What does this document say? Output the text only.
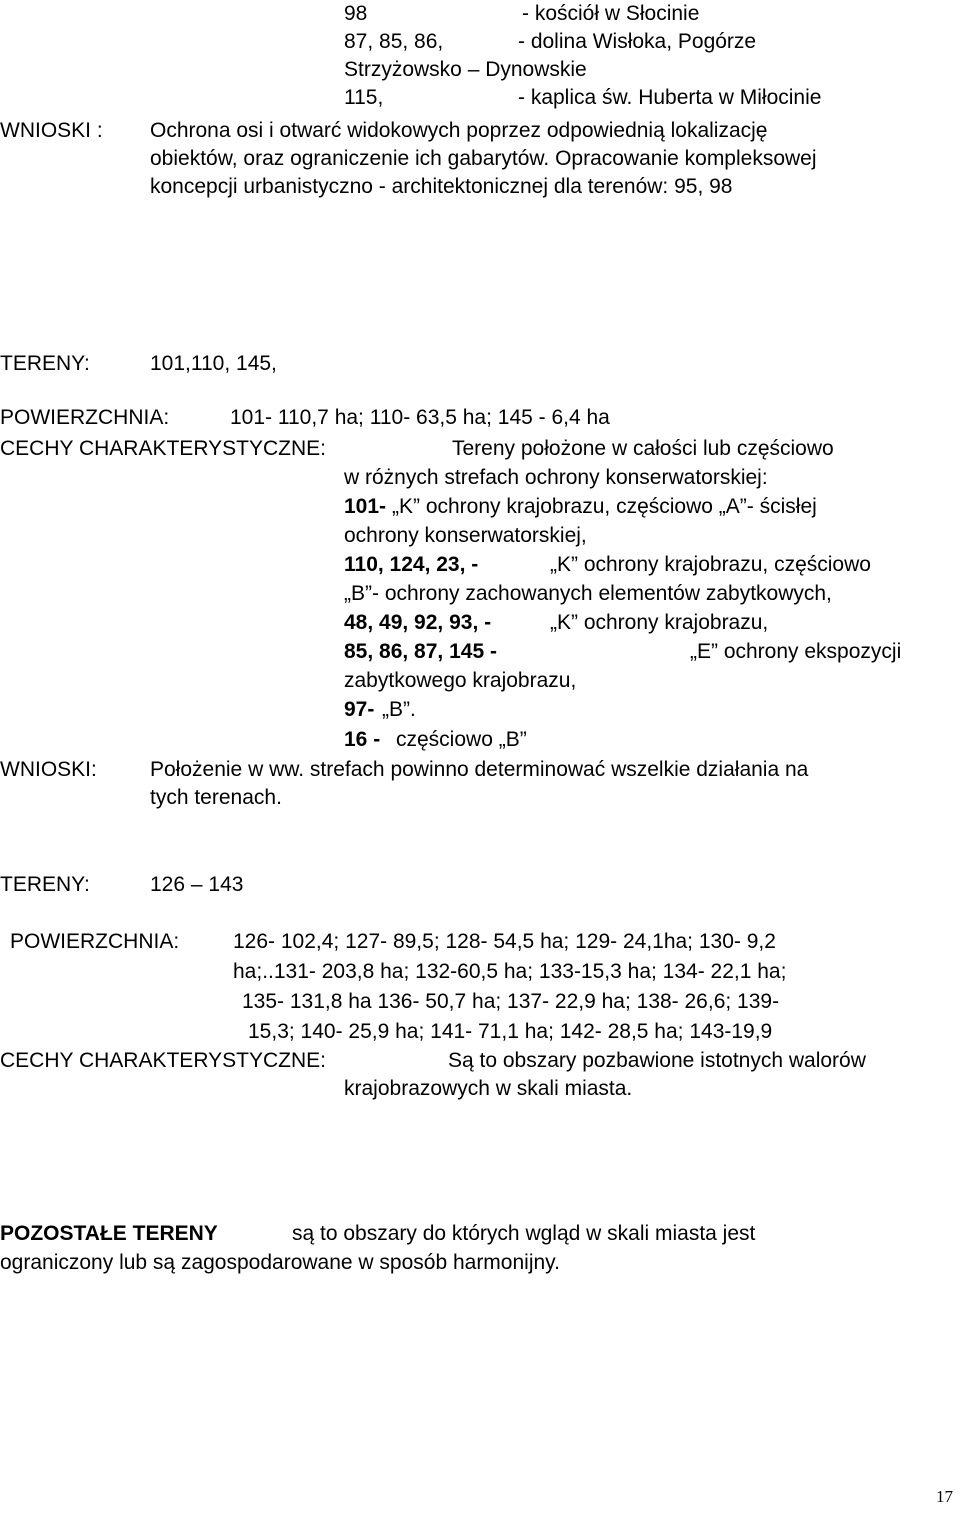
98	- kościół w Słocinie
87, 85, 86,	- dolina Wisłoka, Pogórze
Strzyżowsko – Dynowskie
115,	- kaplica św. Huberta w Miłocinie
WNIOSKI : Ochrona osi i otwarć widokowych poprzez odpowiednią lokalizację
obiektów, oraz ograniczenie ich gabarytów. Opracowanie kompleksowej
koncepcji urbanistyczno - architektonicznej dla terenów: 95, 98
TERENY:	101,110, 145,
POWIERZCHNIA:	101- 110,7 ha; 110- 63,5 ha; 145 - 6,4 ha
CECHY CHARAKTERYSTYCZNE:	Tereny położone w całości lub częściowo
w różnych strefach ochrony konserwatorskiej:
101- „K” ochrony krajobrazu, częściowo „A”- ścisłej
ochrony konserwatorskiej,
110, 124, 23, -	„K” ochrony krajobrazu, częściowo
„B”- ochrony zachowanych elementów zabytkowych,
48, 49, 92, 93, -	„K” ochrony krajobrazu,
85, 86, 87, 145 -	„E” ochrony ekspozycji
zabytkowego krajobrazu,
97- „B”.
16 - częściowo „B”
WNIOSKI:	Położenie w ww. strefach powinno determinować wszelkie działania na
tych terenach.
TERENY:	126 – 143
POWIERZCHNIA:	126- 102,4; 127- 89,5; 128- 54,5 ha; 129- 24,1ha; 130- 9,2
ha;..131- 203,8 ha; 132-60,5 ha; 133-15,3 ha; 134- 22,1 ha;
135- 131,8 ha 136- 50,7 ha; 137- 22,9 ha; 138- 26,6; 139-
15,3; 140- 25,9 ha; 141- 71,1 ha; 142- 28,5 ha; 143-19,9
CECHY CHARAKTERYSTYCZNE:	Są to obszary pozbawione istotnych walorów
krajobrazowych w skali miasta.
POZOSTAŁE TERENY	są to obszary do których wgląd w skali miasta jest
ograniczony lub są zagospodarowane w sposób harmonijny.
17
